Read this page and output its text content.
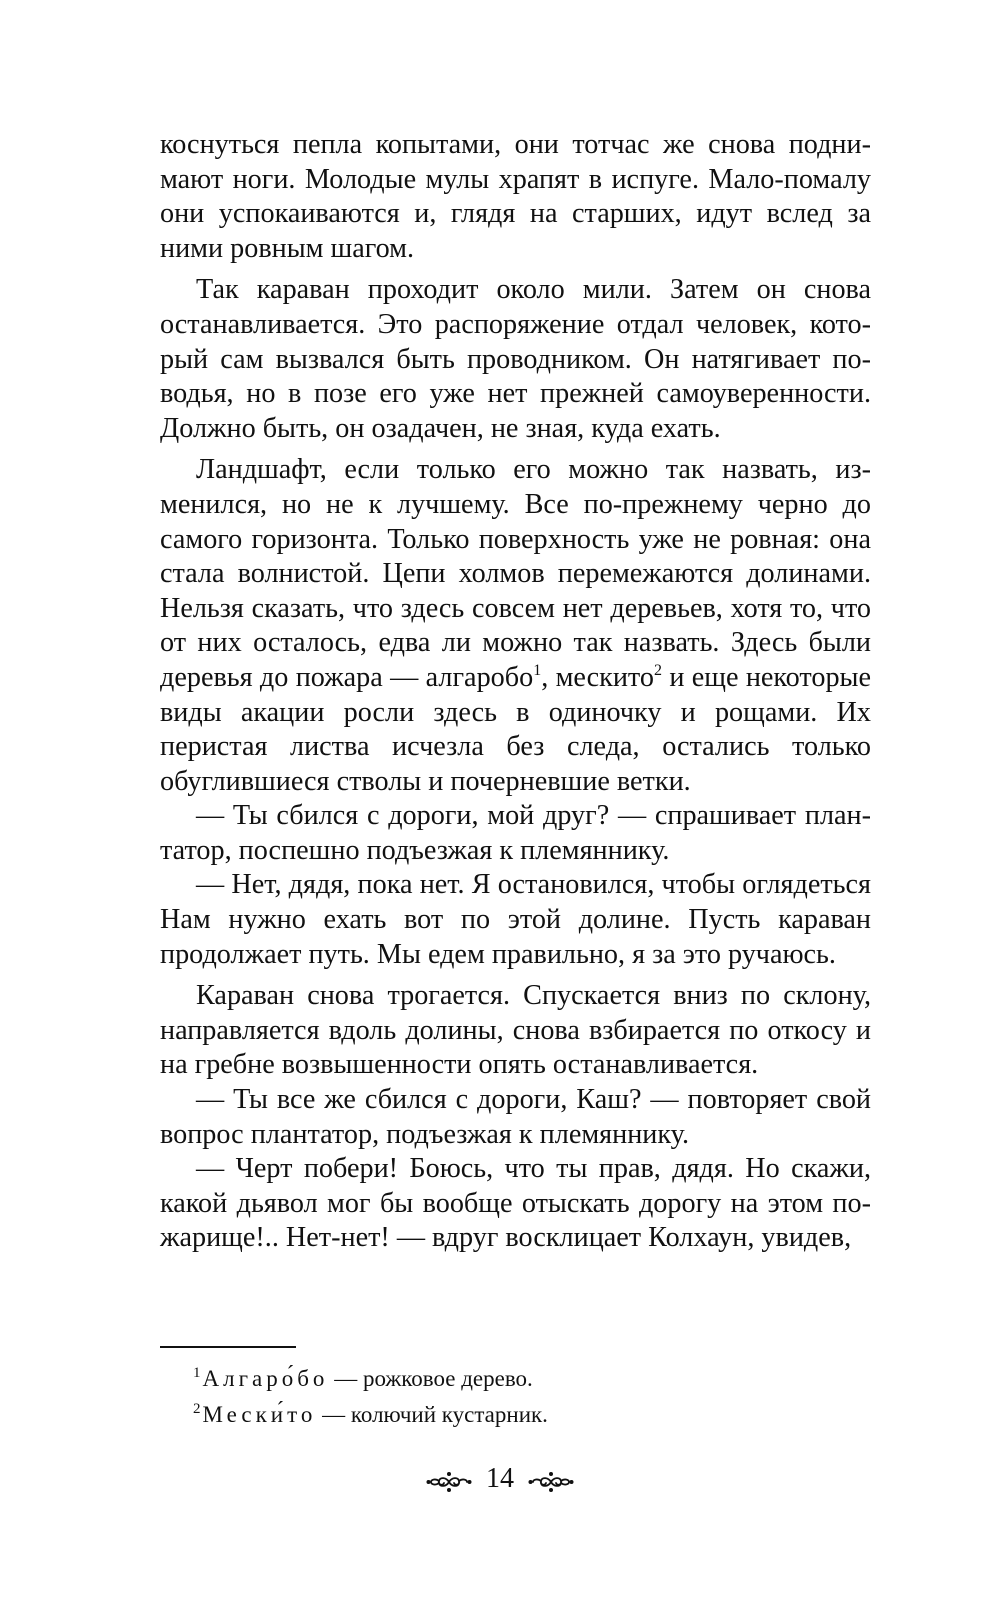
коснуться пепла копытами, они тотчас же снова поднимают ноги. Молодые мулы храпят в испуге. Мало-помалу они успокаиваются и, глядя на старших, идут вслед за ними ровным шагом.

Так караван проходит около мили. Затем он снова останавливается. Это распоряжение отдал человек, который сам вызвался быть проводником. Он натягивает поводья, но в позе его уже нет прежней самоуверенности. Должно быть, он озадачен, не зная, куда ехать.

Ландшафт, если только его можно так назвать, изменился, но не к лучшему. Все по-прежнему черно до самого горизонта. Только поверхность уже не ровная: она стала волнистой. Цепи холмов перемежаются долинами. Нельзя сказать, что здесь совсем нет деревьев, хотя то, что от них осталось, едва ли можно так назвать. Здесь были деревья до пожара — алгаробо$^1$, мескито$^2$ и еще некоторые виды акации росли здесь в одиночку и рощами. Их перистая листва исчезла без следа, остались только обуглившиеся стволы и почерневшие ветки.

— Ты сбился с дороги, мой друг? — спрашивает плантатор, поспешно подъезжая к племяннику.

— Нет, дядя, пока нет. Я остановился, чтобы оглядеться Нам нужно ехать вот по этой долине. Пусть караван продолжает путь. Мы едем правильно, я за это ручаюсь.

Караван снова трогается. Спускается вниз по склону, направляется вдоль долины, снова взбирается по откосу и на гребне возвышенности опять останавливается.

— Ты все же сбился с дороги, Каш? — повторяет свой вопрос плантатор, подъезжая к племяннику.

— Черт побери! Боюсь, что ты прав, дядя. Но скажи, какой дьявол мог бы вообще отыскать дорогу на этом пожарище!.. Нет-нет! — вдруг восклицает Колхаун, увидев,

$^1$Алгаро́бо — рожковое дерево.

$^2$Мески́то — колючий кустарник.

14
